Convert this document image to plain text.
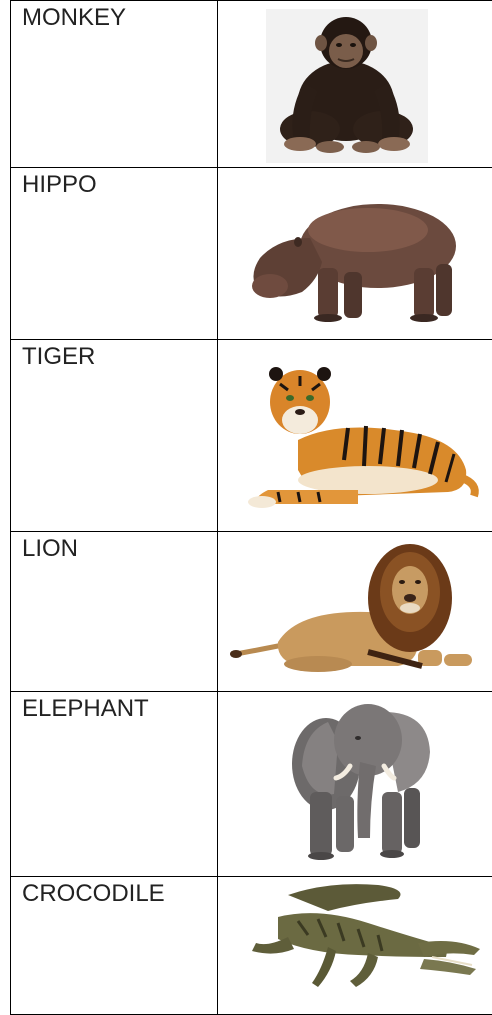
MONKEY

HIPPO

TIGER

LION

ELEPHANT

CROCODILE
